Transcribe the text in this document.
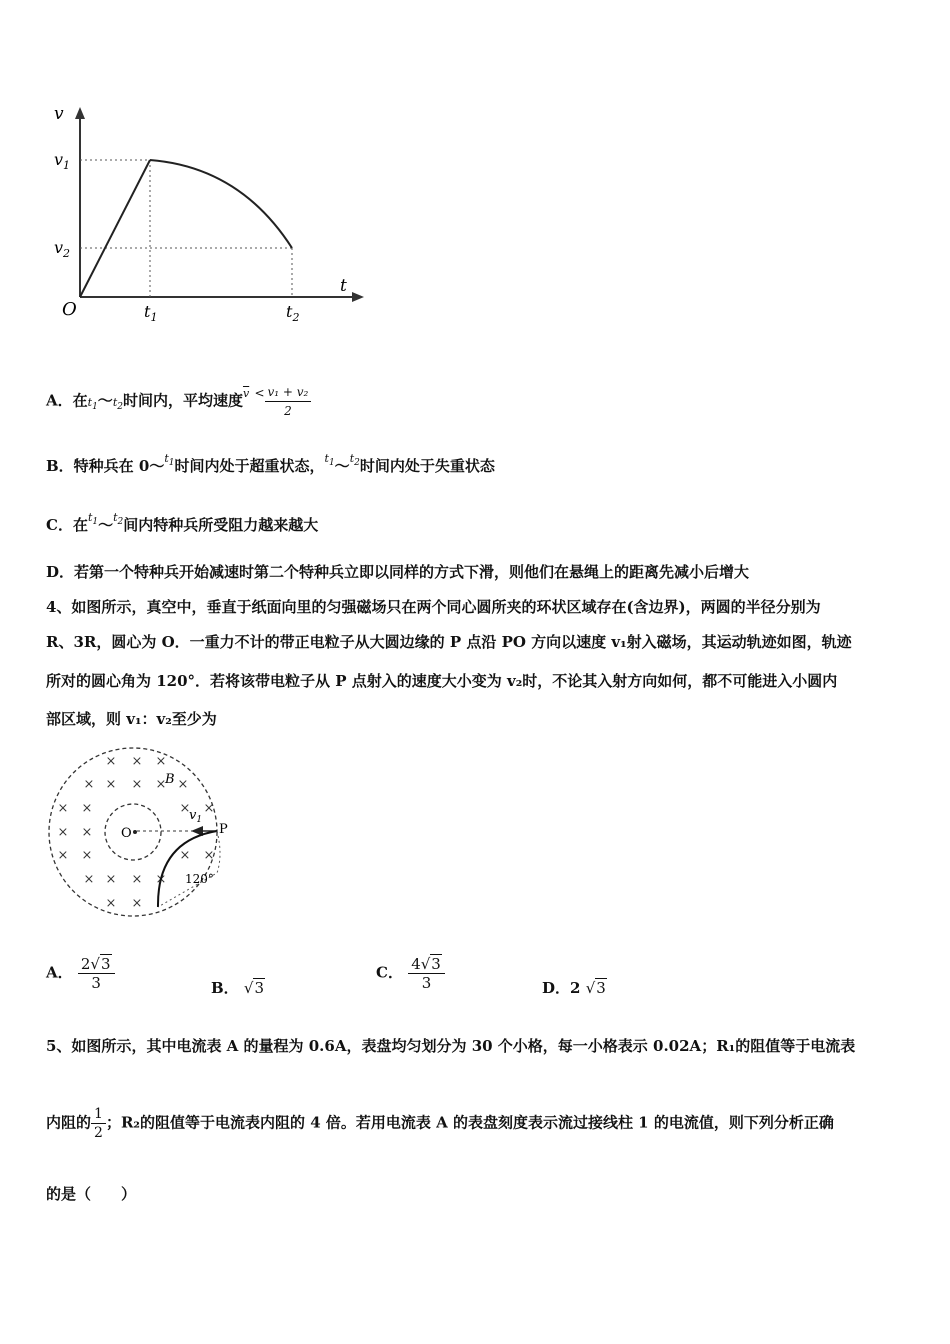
v
t
O
$v_1$
$v_2$
$t_1$	$t_2$
A．在$t_1\sim t_2$时间内，平均速度$\overline{v} < \frac{\text{v₁ + v₂}}{2}$
B．特种兵在 $0\sim t_1$时间内处于超重状态，$t_1\sim t_2$时间内处于失重状态
C．在$t_1\sim t_2$间内特种兵所受阻力越来越大
D．若第一个特种兵开始减速时第二个特种兵立即以同样的方式下滑，则他们在悬绳上的距离先减小后增大
4、如图所示，真空中，垂直于纸面向里的匀强磁场只在两个同心圆所夹的环状区域存在(含边界)，两圆的半径分别为
R、3R，圆心为 O．一重力不计的带正电粒子从大圆边缘的 P 点沿 PO 方向以速度 v₁射入磁场，其运动轨迹如图，轨迹
所对的圆心角为 120°．若将该带电粒子从 P 点射入的速度大小变为 v₂时，不论其入射方向如何，都不可能进入小圆内
部区域，则 v₁：v₂至少为
× × ×
× × × × ×
× ×	× ×
× ×
× ×	× ×
× × × ×
× ×
B
O	P
$v_1$
120°
A． $\frac{2√3}{3}$	B． √3
C． $\frac{4√3}{3}$	D．2 √3
5、如图所示，其中电流表 A 的量程为 0.6A，表盘均匀划分为 30 个小格，每一小格表示 0.02A；R₁的阻值等于电流表
内阻的 $\frac{1}{2}$ ；R₂的阻值等于电流表内阻的 4 倍。若用电流表 A 的表盘刻度表示流过接线柱 1 的电流值，则下列分析正确
的是（　　）
